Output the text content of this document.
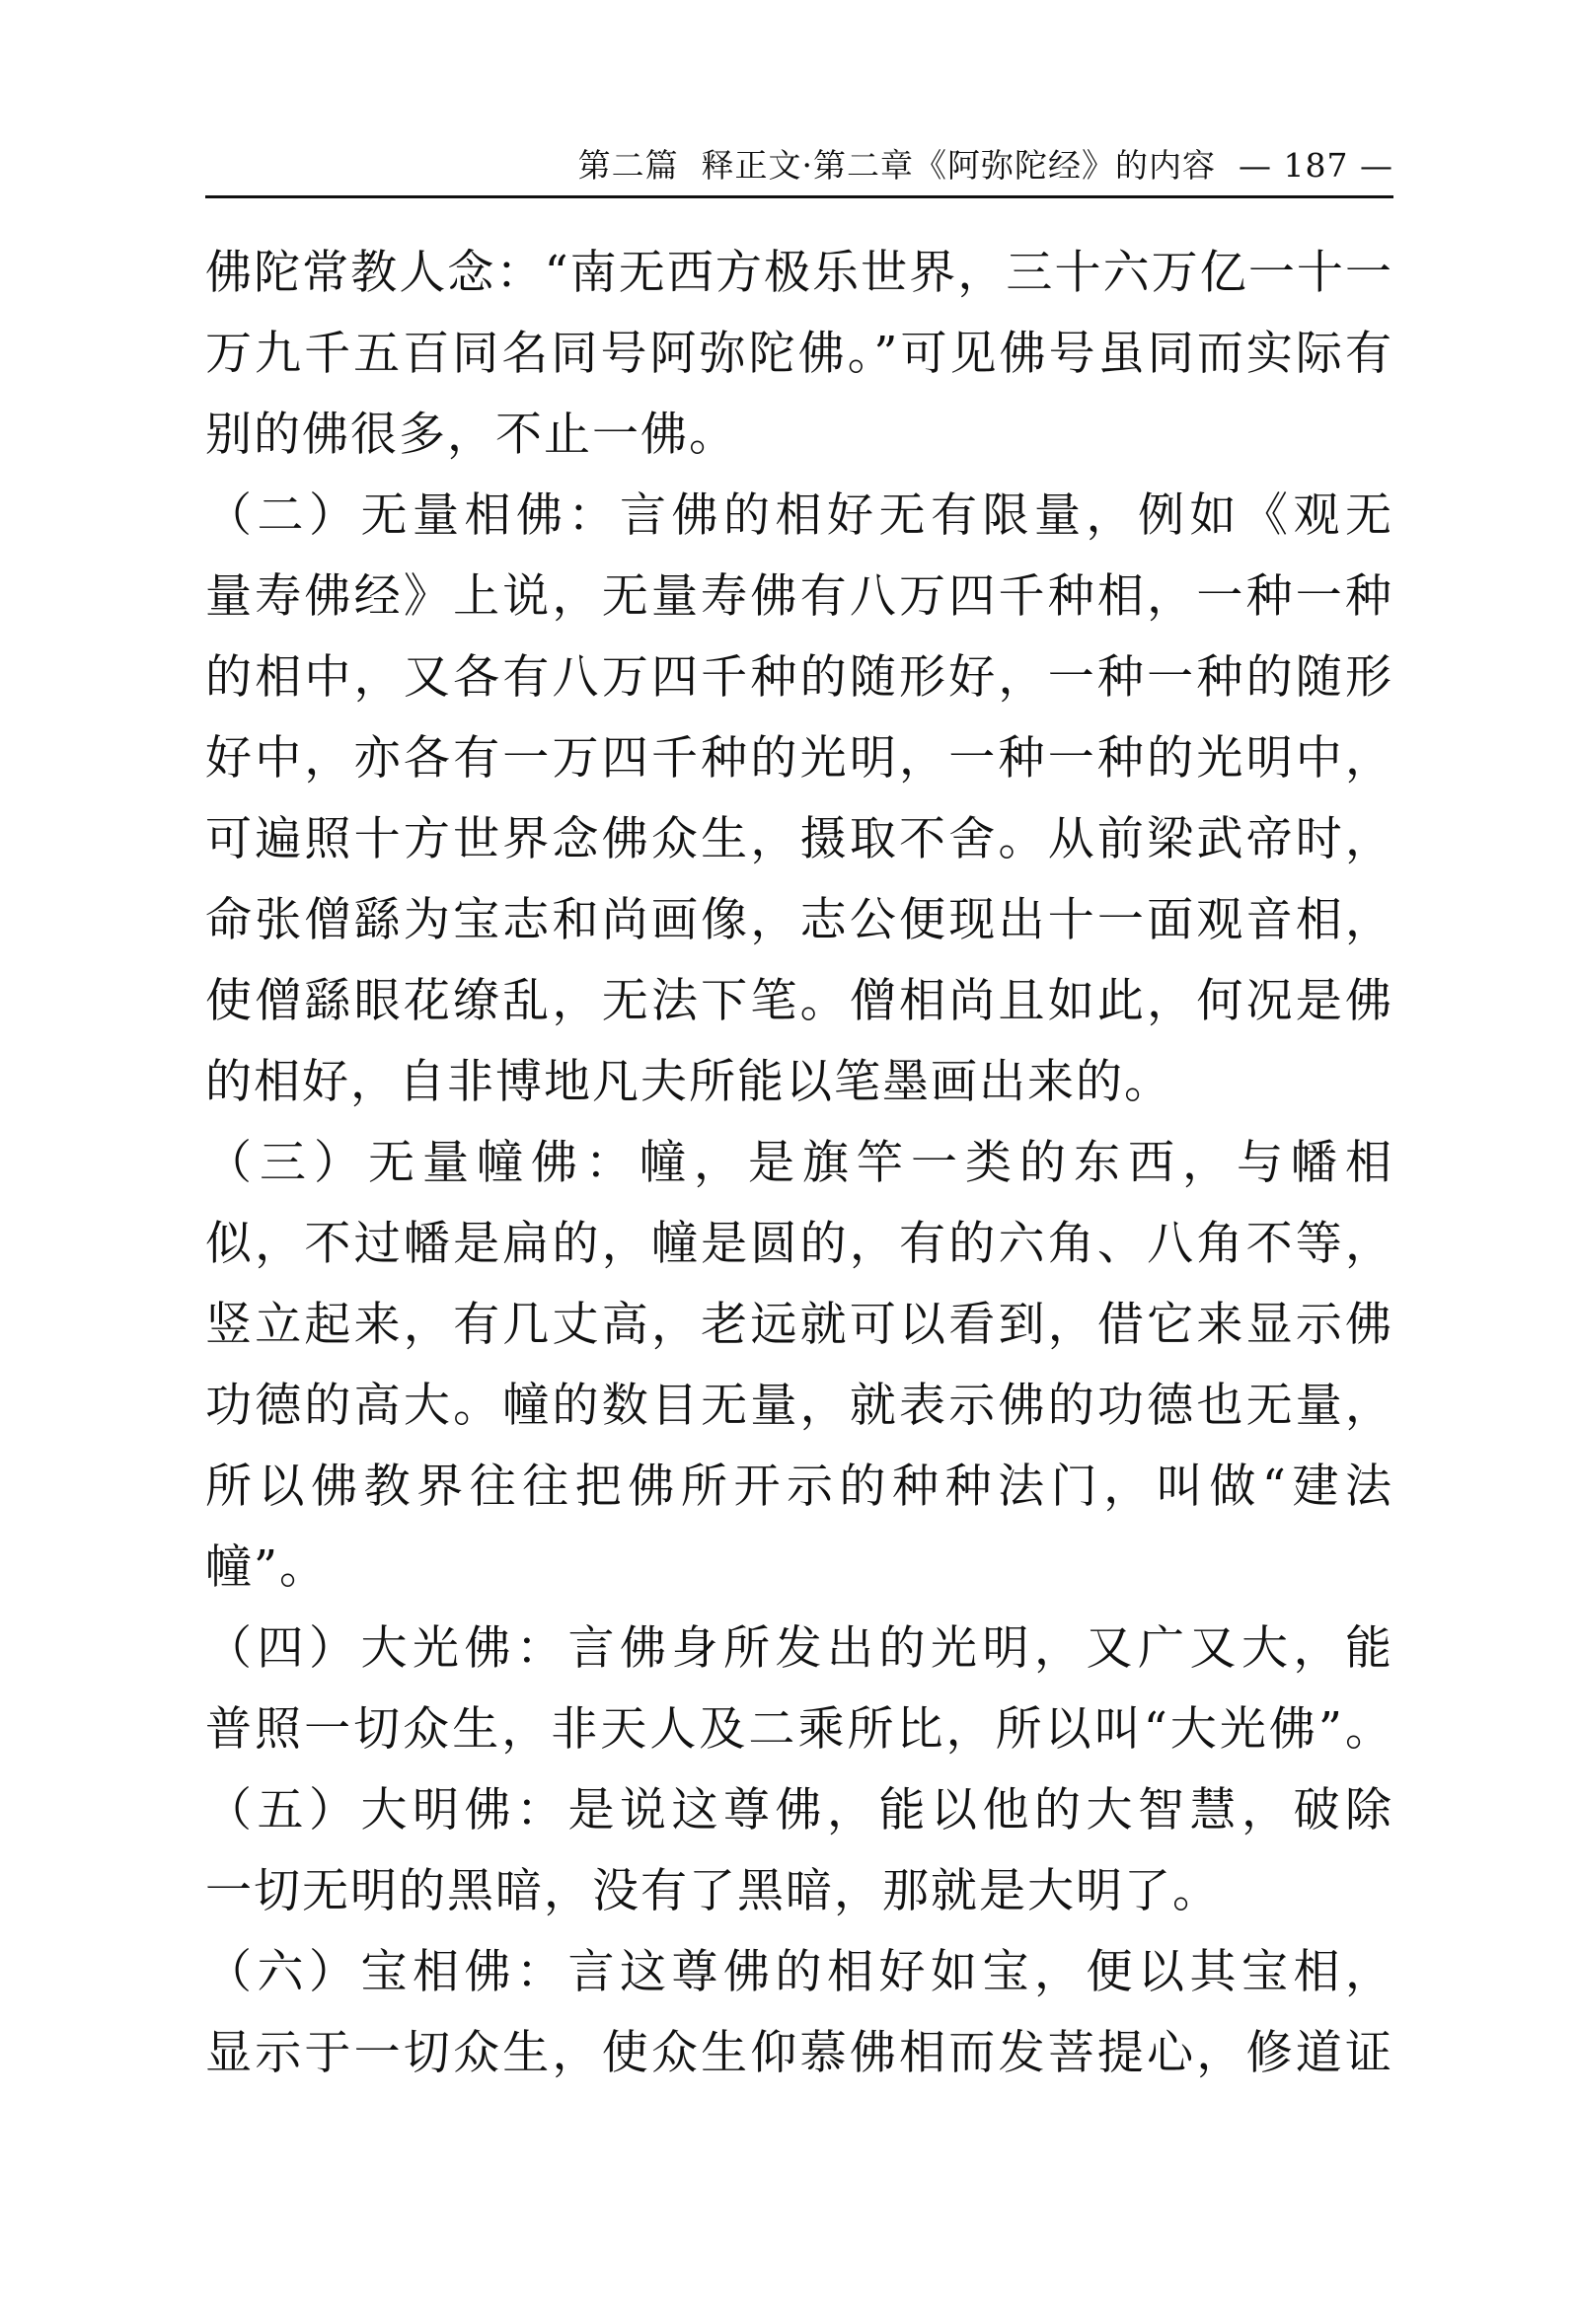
第二篇 释正文·第二章《阿弥陀经》的内容 — 187 —
佛陀常教人念：“南无西方极乐世界，三十六万亿一十一
万九千五百同名同号阿弥陀佛。”可见佛号虽同而实际有
别的佛很多，不止一佛。
（二）无量相佛：言佛的相好无有限量，例如《观无
量寿佛经》上说，无量寿佛有八万四千种相，一种一种
的相中，又各有八万四千种的随形好，一种一种的随形
好中，亦各有一万四千种的光明，一种一种的光明中，
可遍照十方世界念佛众生，摄取不舍。从前梁武帝时，
命张僧繇为宝志和尚画像，志公便现出十一面观音相，
使僧繇眼花缭乱，无法下笔。僧相尚且如此，何况是佛
的相好，自非博地凡夫所能以笔墨画出来的。
（三）无量幢佛：幢，是旗竿一类的东西，与幡相
似，不过幡是扁的，幢是圆的，有的六角、八角不等，
竖立起来，有几丈高，老远就可以看到，借它来显示佛
功德的高大。幢的数目无量，就表示佛的功德也无量，
所以佛教界往往把佛所开示的种种法门，叫做“建法
幢”。
（四）大光佛：言佛身所发出的光明，又广又大，能
普照一切众生，非天人及二乘所比，所以叫“大光佛”。
（五）大明佛：是说这尊佛，能以他的大智慧，破除
一切无明的黑暗，没有了黑暗，那就是大明了。
（六）宝相佛：言这尊佛的相好如宝，便以其宝相，
显示于一切众生，使众生仰慕佛相而发菩提心，修道证
